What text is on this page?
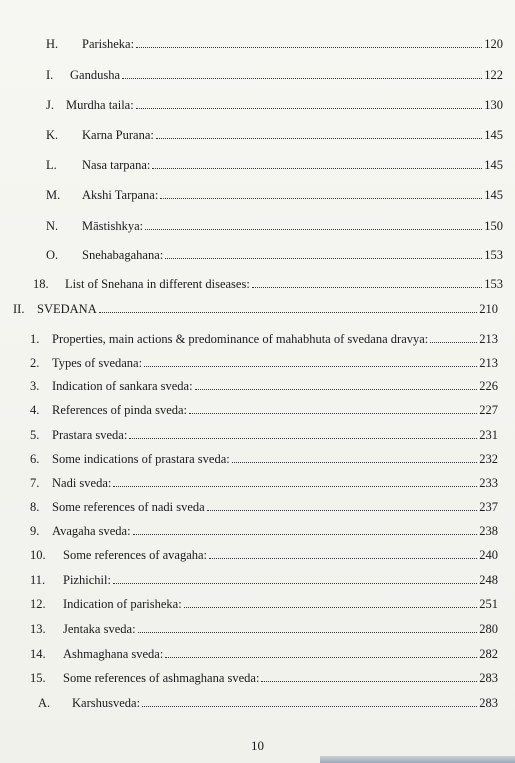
H.	Parisheka:	120
I.	Gandusha	122
J. Murdha taila:	130
K.	Karna Purana:	145
L.	Nasa tarpana:	145
M.	Akshi Tarpana:	145
N.	Māstishkya:	150
O.	Snehabagahana:	153
18.	List of Snehana in different diseases:	153
II.	SVEDANA	210
1.	Properties, main actions & predominance of mahabhuta of svedana dravya:	213
2.	Types of svedana:	213
3.	Indication of sankara sveda:	226
4.	References of pinda sveda:	227
5.	Prastara sveda:	231
6.	Some indications of prastara sveda:	232
7.	Nadi sveda:	233
8.	Some references of nadi sveda	237
9.	Avagaha sveda:	238
10.	Some references of avagaha:	240
11.	Pizhichil:	248
12.	Indication of parisheka:	251
13.	Jentaka sveda:	280
14.	Ashmaghana sveda:	282
15.	Some references of ashmaghana sveda:	283
A.	Karshusveda:	283
10
